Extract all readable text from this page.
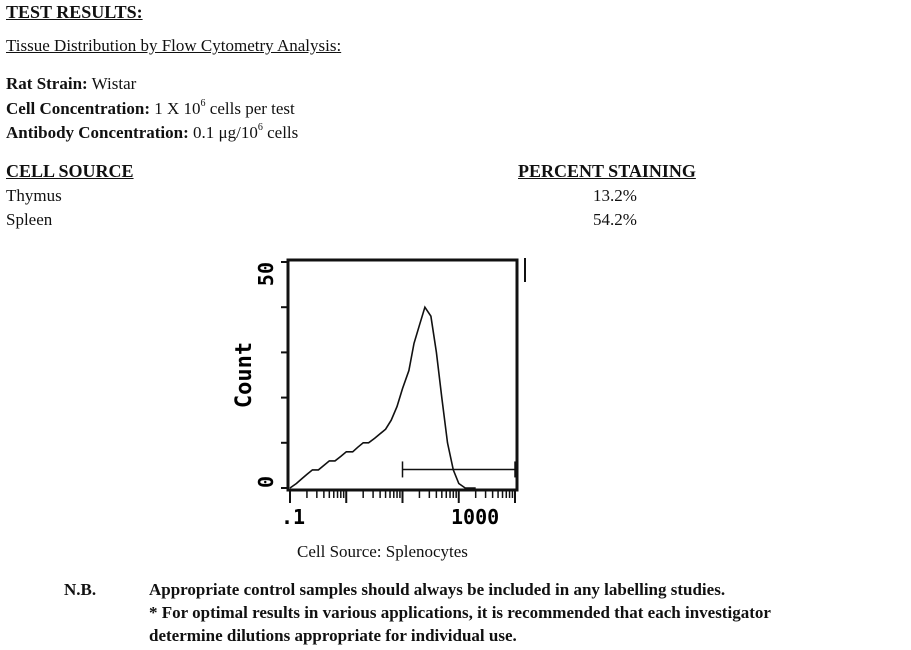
TEST RESULTS:
Tissue Distribution by Flow Cytometry Analysis:
Rat Strain: Wistar
Cell Concentration: 1 X $10^6$ cells per test
Antibody Concentration: 0.1 $\mu g/10^6$ cells
CELL SOURCE	PERCENT STAINING
Thymus	13.2%
Spleen	54.2%
50
0
Count
.1	1000
Cell Source: Splenocytes
N.B.	Appropriate control samples should always be included in any labelling studies.
* For optimal results in various applications, it is recommended that each investigator
determine dilutions appropriate for individual use.
